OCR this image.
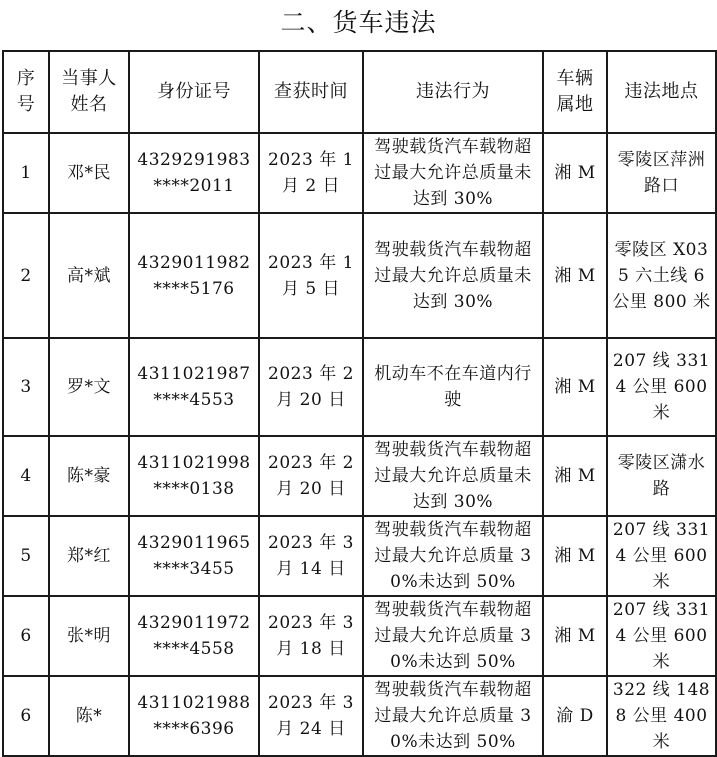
二、货车违法
序号	当事人姓名	身份证号	查获时间	违法行为	车辆属地	违法地点
1	邓*民	4329291983****2011	2023 年 1 月 2 日	驾驶载货汽车载物超过最大允许总质量未达到 30%	湘 M	零陵区萍洲路口
2	高*斌	4329011982****5176	2023 年 1 月 5 日	驾驶载货汽车载物超过最大允许总质量未达到 30%	湘 M	零陵区 X035 六土线 6 公里 800 米
3	罗*文	4311021987****4553	2023 年 2 月 20 日	机动车不在车道内行驶	湘 M	207 线 3314 公里 600 米
4	陈*豪	4311021998****0138	2023 年 2 月 20 日	驾驶载货汽车载物超过最大允许总质量未达到 30%	湘 M	零陵区潇水路
5	郑*红	4329011965****3455	2023 年 3 月 14 日	驾驶载货汽车载物超过最大允许总质量 30%未达到 50%	湘 M	207 线 3314 公里 600 米
6	张*明	4329011972****4558	2023 年 3 月 18 日	驾驶载货汽车载物超过最大允许总质量 30%未达到 50%	湘 M	207 线 3314 公里 600 米
6	陈*	4311021988****6396	2023 年 3 月 24 日	驾驶载货汽车载物超过最大允许总质量 30%未达到 50%	渝 D	322 线 1488 公里 400 米
